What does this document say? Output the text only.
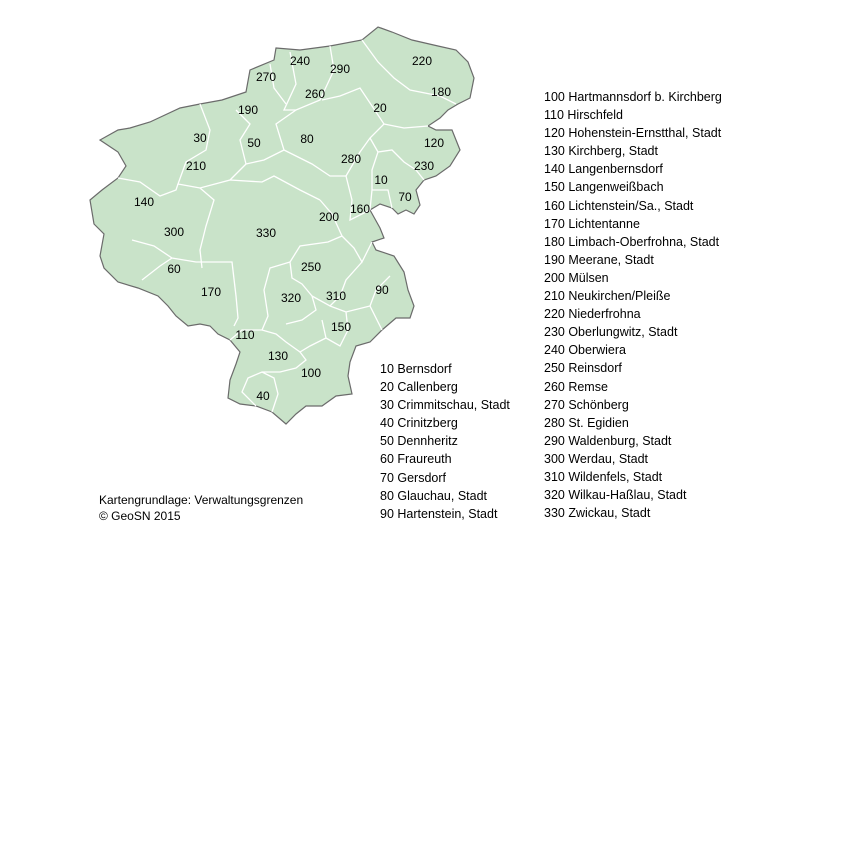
10
20
30
40
50
60
70
80
90
100
110
120
130
140
150
160
170
180
190
200
210
220
230
240
250
260
270
280
290
300
310
320
330
10 Bernsdorf
20 Callenberg
30 Crimmitschau, Stadt
40 Crinitzberg
50 Dennheritz
60 Fraureuth
70 Gersdorf
80 Glauchau, Stadt
90 Hartenstein, Stadt
100 Hartmannsdorf b. Kirchberg
110 Hirschfeld
120 Hohenstein-Ernstthal, Stadt
130 Kirchberg, Stadt
140 Langenbernsdorf
150 Langenweißbach
160 Lichtenstein/Sa., Stadt
170 Lichtentanne
180 Limbach-Oberfrohna, Stadt
190 Meerane, Stadt
200 Mülsen
210 Neukirchen/Pleiße
220 Niederfrohna
230 Oberlungwitz, Stadt
240 Oberwiera
250 Reinsdorf
260 Remse
270 Schönberg
280 St. Egidien
290 Waldenburg, Stadt
300 Werdau, Stadt
310 Wildenfels, Stadt
320 Wilkau-Haßlau, Stadt
330 Zwickau, Stadt
Kartengrundlage: Verwaltungsgrenzen
© GeoSN 2015
